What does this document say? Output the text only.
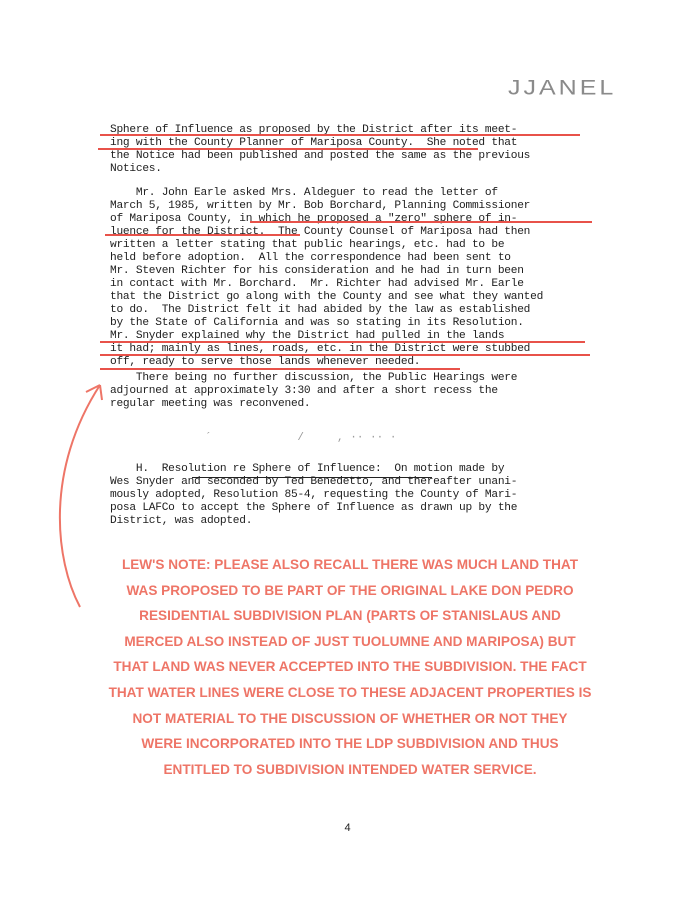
JJANEL
Sphere of Influence as proposed by the District after its meet-
ing with the County Planner of Mariposa County.  She noted that
the Notice had been published and posted the same as the previous
Notices.
Mr. John Earle asked Mrs. Aldeguer to read the letter of
March 5, 1985, written by Mr. Bob Borchard, Planning Commissioner
of Mariposa County, in which he proposed a "zero" sphere of in-
luence for the District.  The County Counsel of Mariposa had then
written a letter stating that public hearings, etc. had to be
held before adoption.  All the correspondence had been sent to
Mr. Steven Richter for his consideration and he had in turn been
in contact with Mr. Borchard.  Mr. Richter had advised Mr. Earle
that the District go along with the County and see what they wanted
to do.  The District felt it had abided by the law as established
by the State of California and was so stating in its Resolution.
Mr. Snyder explained why the District had pulled in the lands
it had; mainly as lines, roads, etc. in the District were stubbed
off, ready to serve those lands whenever needed.
There being no further discussion, the Public Hearings were
adjourned at approximately 3:30 and after a short recess the
regular meeting was reconvened.
´             /     , ·· ·· ·
H.  Resolution re Sphere of Influence:  On motion made by
Wes Snyder and seconded by Ted Benedetto, and thereafter unani-
mously adopted, Resolution 85-4, requesting the County of Mari-
posa LAFCo to accept the Sphere of Influence as drawn up by the
District, was adopted.
LEW'S NOTE: PLEASE ALSO RECALL THERE WAS MUCH LAND THAT
WAS PROPOSED TO BE PART OF THE ORIGINAL LAKE DON PEDRO
RESIDENTIAL SUBDIVISION PLAN (PARTS OF STANISLAUS AND
MERCED ALSO INSTEAD OF JUST TUOLUMNE AND MARIPOSA) BUT
THAT LAND WAS NEVER ACCEPTED INTO THE SUBDIVISION. THE FACT
THAT WATER LINES WERE CLOSE TO THESE ADJACENT PROPERTIES IS
NOT MATERIAL TO THE DISCUSSION OF WHETHER OR NOT THEY
WERE INCORPORATED INTO THE LDP SUBDIVISION AND THUS
ENTITLED TO SUBDIVISION INTENDED WATER SERVICE.
4
